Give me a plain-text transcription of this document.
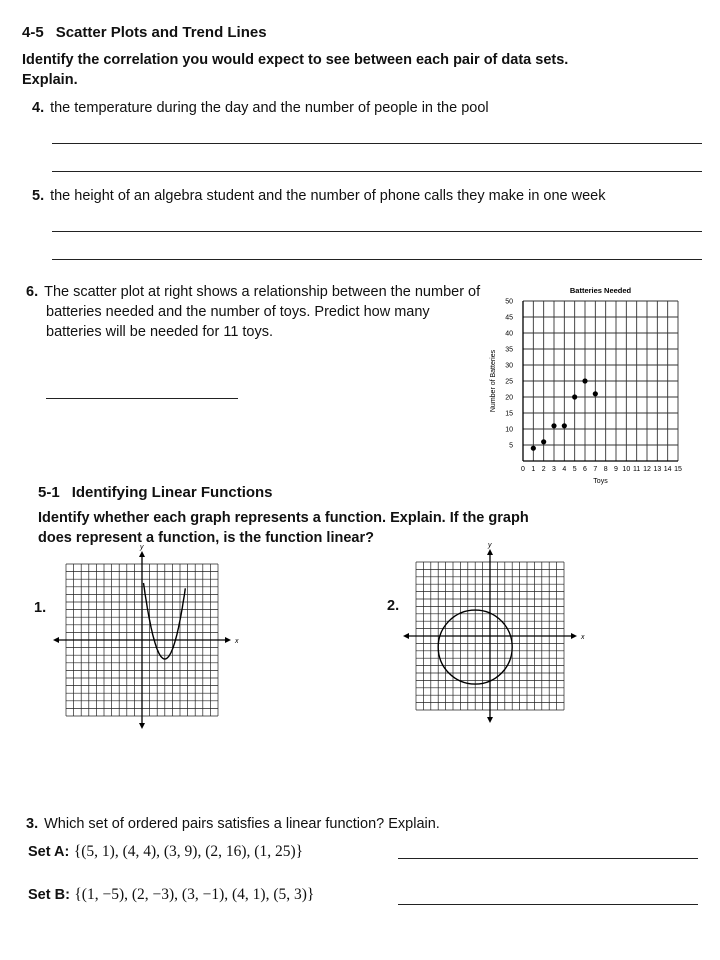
4-5 Scatter Plots and Trend Lines
Identify the correlation you would expect to see between each pair of data sets. Explain.
4. the temperature during the day and the number of people in the pool
5. the height of an algebra student and the number of phone calls they make in one week
6. The scatter plot at right shows a relationship between the number of batteries needed and the number of toys. Predict how many batteries will be needed for 11 toys.
Batteries Needed
0 1 2 3 4 5 6 7 8 9 10 11 12 13 14 15
5
10
15
20
25
30
35
40
45
50
Toys
Number of Batteries
5-1 Identifying Linear Functions
Identify whether each graph represents a function. Explain. If the graph does represent a function, is the function linear?
1.	2.
x
y
x
y
3. Which set of ordered pairs satisfies a linear function? Explain.
Set A: {(5, 1), (4, 4), (3, 9), (2, 16), (1, 25)}
Set B: {(1, −5), (2, −3), (3, −1), (4, 1), (5, 3)}
